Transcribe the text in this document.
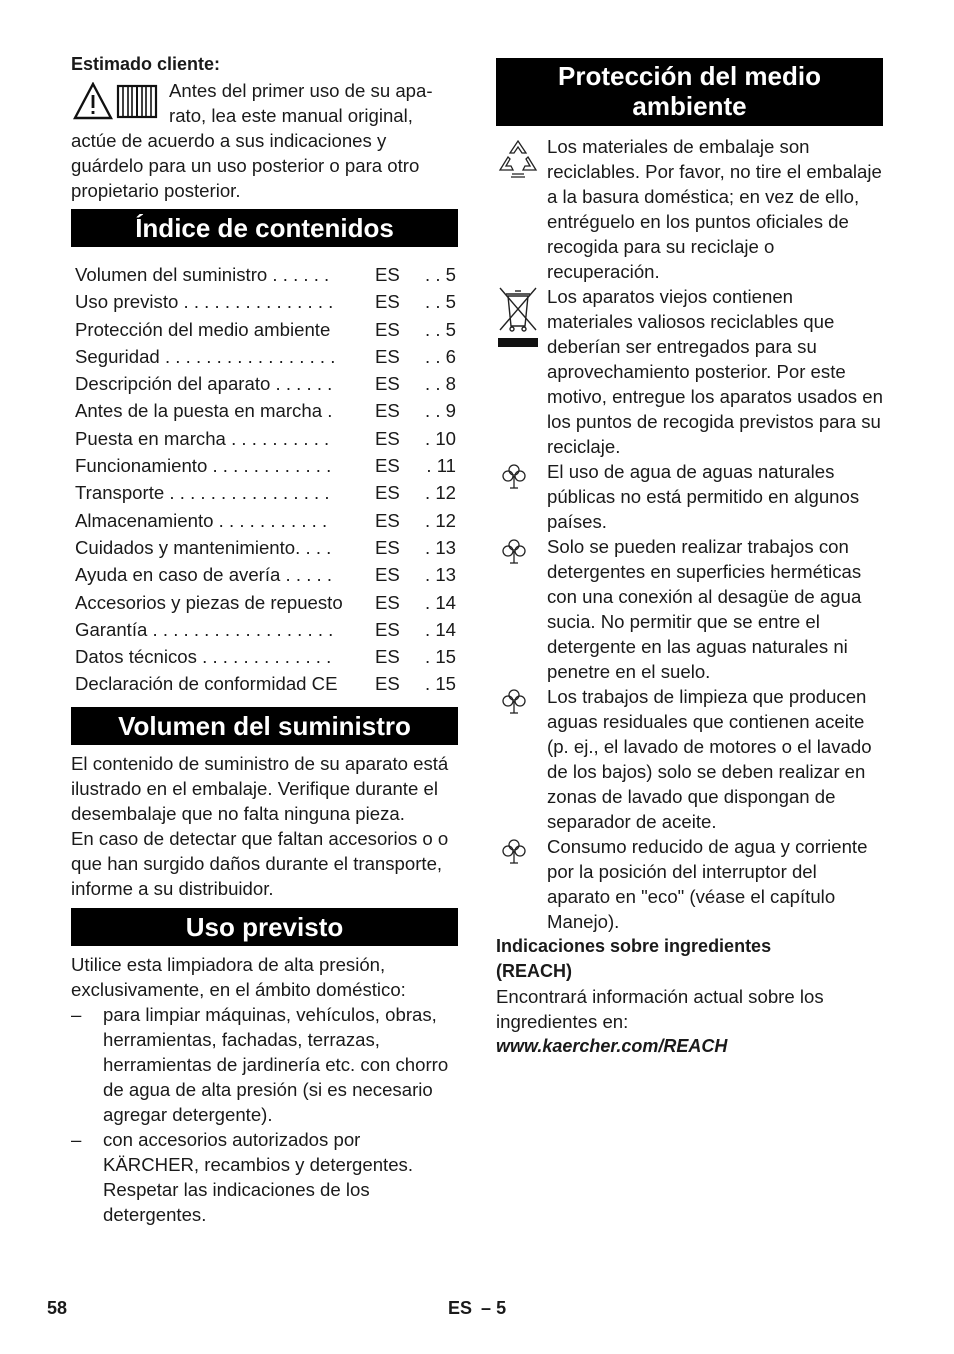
Estimado cliente:
Antes del primer uso de su apa-
rato, lea este manual original,
actúe de acuerdo a sus indicaciones y
guárdelo para un uso posterior o para otro
propietario posterior.
Índice de contenidos
Volumen del suministro . . . . . .	ES	. . 5
Uso previsto . . . . . . . . . . . . . . .	ES	. . 5
Protección del medio ambiente	ES	. . 5
Seguridad . . . . . . . . . . . . . . . . .	ES	. . 6
Descripción del aparato . . . . . .	ES	. . 8
Antes de la puesta en marcha .	ES	. . 9
Puesta en marcha . . . . . . . . . .	ES	. 10
Funcionamiento . . . . . . . . . . . .	ES	. 11
Transporte . . . . . . . . . . . . . . . .	ES	. 12
Almacenamiento . . . . . . . . . . .	ES	. 12
Cuidados y mantenimiento. . . .	ES	. 13
Ayuda en caso de avería . . . . .	ES	. 13
Accesorios y piezas de repuesto	ES	. 14
Garantía . . . . . . . . . . . . . . . . . .	ES	. 14
Datos técnicos . . . . . . . . . . . . .	ES	. 15
Declaración de conformidad CE	ES	. 15
Volumen del suministro

El contenido de suministro de su aparato está ilustrado en el embalaje. Verifique durante el desembalaje que no falta ninguna pieza.

En caso de detectar que faltan accesorios o o que han surgido daños durante el transporte, informe a su distribuidor.

Uso previsto

Utilice esta limpiadora de alta presión, exclusivamente, en el ámbito doméstico:

–	para limpiar máquinas, vehículos, obras, herramientas, fachadas, terrazas, herramientas de jardinería etc. con chorro de agua de alta presión (si es necesario agregar detergente).
–	con accesorios autorizados por KÄRCHER, recambios y detergentes. Respetar las indicaciones de los detergentes.
Protección del medio
ambiente
Los materiales de embalaje son reciclables. Por favor, no tire el embalaje a la basura doméstica; en vez de ello, entréguelo en los puntos oficiales de recogida para su reciclaje o recuperación.
Los aparatos viejos contienen materiales valiosos reciclables que deberían ser entregados para su aprovechamiento posterior. Por este motivo, entregue los aparatos usados en los puntos de recogida previstos para su reciclaje.
El uso de agua de aguas naturales públicas no está permitido en algunos países.
Solo se pueden realizar trabajos con detergentes en superficies herméticas con una conexión al desagüe de agua sucia. No permitir que se entre el detergente en las aguas naturales ni penetre en el suelo.
Los trabajos de limpieza que producen aguas residuales que contienen aceite (p. ej., el lavado de motores o el lavado de los bajos) solo se deben realizar en zonas de lavado que dispongan de separador de aceite.
Consumo reducido de agua y corriente por la posición del interruptor del aparato en "eco" (véase el capítulo Manejo).
Indicaciones sobre ingredientes
(REACH)

Encontrará información actual sobre los ingredientes en:

www.kaercher.com/REACH
58	ES – 5
